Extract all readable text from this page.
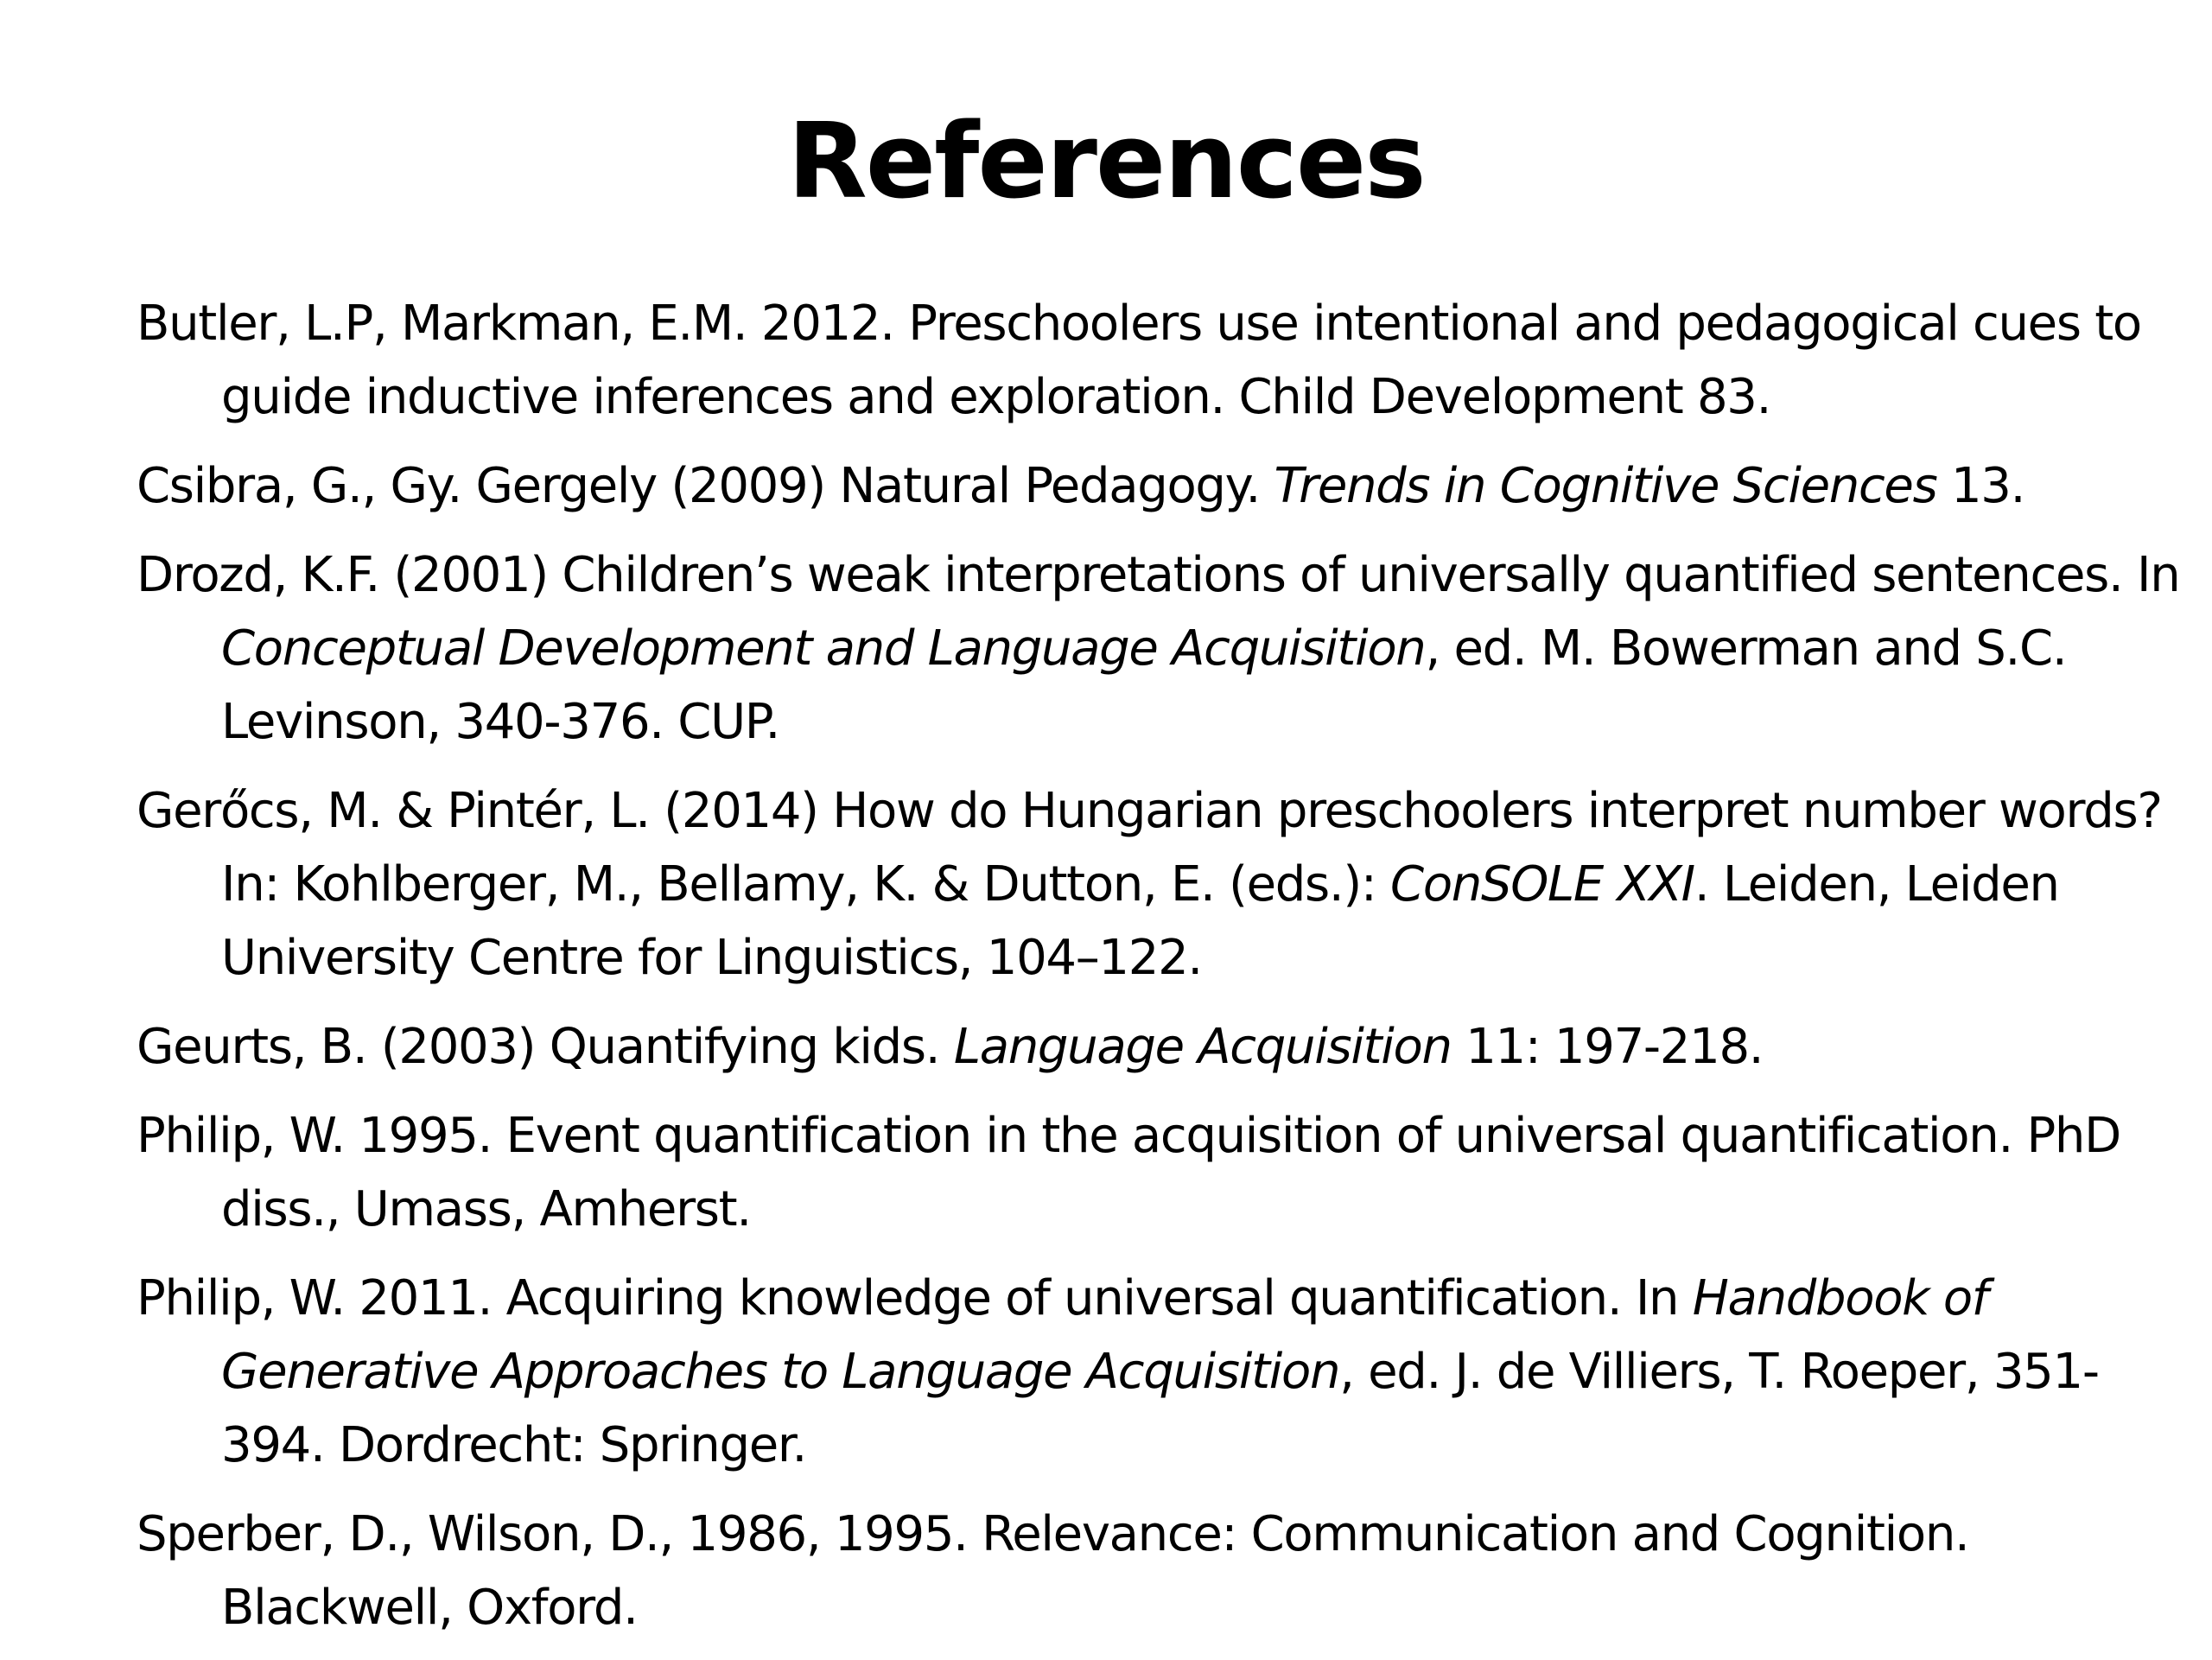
References
Butler, L.P, Markman, E.M. 2012. Preschoolers use intentional and pedagogical cues to guide inductive inferences and exploration. Child Development 83.
Csibra, G., Gy. Gergely (2009) Natural Pedagogy. Trends in Cognitive Sciences 13.
Drozd, K.F. (2001) Children’s weak interpretations of universally quantified sentences. In Conceptual Development and Language Acquisition, ed. M. Bowerman and S.C. Levinson, 340-376. CUP.
Gerőcs, M. & Pintér, L. (2014) How do Hungarian preschoolers interpret number words? In: Kohlberger, M., Bellamy, K. & Dutton, E. (eds.): ConSOLE XXI. Leiden, Leiden University Centre for Linguistics, 104–122.
Geurts, B. (2003) Quantifying kids. Language Acquisition 11: 197-218.
Philip, W. 1995. Event quantification in the acquisition of universal quantification. PhD diss., Umass, Amherst.
Philip, W. 2011. Acquiring knowledge of universal quantification. In Handbook of Generative Approaches to Language Acquisition, ed. J. de Villiers, T. Roeper, 351-394. Dordrecht: Springer.
Sperber, D., Wilson, D., 1986, 1995. Relevance: Communication and Cognition. Blackwell, Oxford.
